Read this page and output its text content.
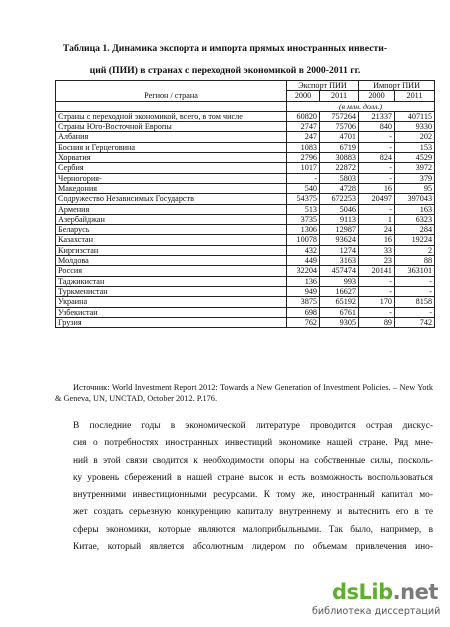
Таблица 1. Динамика экспорта и импорта прямых иностранных инвести-
ций (ПИИ) в странах с переходной экономикой в 2000-2011 гг.
Регион / страна	Экспорт ПИИ		Импорт ПИИ	
	2000	2011	2000	2011
	(в млн. долл.)			
Страны с переходной экономикой, всего, в том числе	60820	757264	21337	407115
Страны Юго-Восточной Европы	2747	75706	840	9330
Албания	247	4701	-	202
Босния и Герцеговина	1083	6719	-	153
Хорватия	2796	30883	824	4529
Сербия	1017	22872	-	3972
Черногория-	-	5803	-	379
Македония	540	4728	16	95
Содружество Независимых Государств	54375	672253	20497	397043
Армения	513	5046	-	163
Азербайджан	3735	9113	1	6323
Беларусь	1306	12987	24	284
Казахстан	10078	93624	16	19224
Киргизстан	432	1274	33	2
Молдова	449	3163	23	88
Россия	32204	457474	20141	363101
Таджикистан	136	993	-	-
Туркменистан	949	16627	-	-
Украина	3875	65192	170	8158
Узбекистан	698	6761	-	-
Грузия	762	9305	89	742
Источник: World Investment Report 2012: Towards a New Generation of Investment Policies. – New Yotk & Geneva, UN, UNCTAD, October 2012. P.176.
В последние годы в экономической литературе проводится острая дискус-
сия о потребностях иностранных инвестиций экономике нашей стране. Ряд мне-
ний в этой связи сводится к необходимости опоры на собственные силы, посколь-
ку уровень сбережений в нашей стране высок и есть возможность воспользоваться
внутренними инвестиционными ресурсами. К тому же, иностранный капитал мо-
жет создать серьезную конкуренцию капиталу внутреннему и вытеснить его в те
сферы экономики, которые являются малоприбыльными. Так было, например, в
Китае, который является абсолютным лидером по объемам привлечения ино-
dsLib.net
библиотека диссертаций
